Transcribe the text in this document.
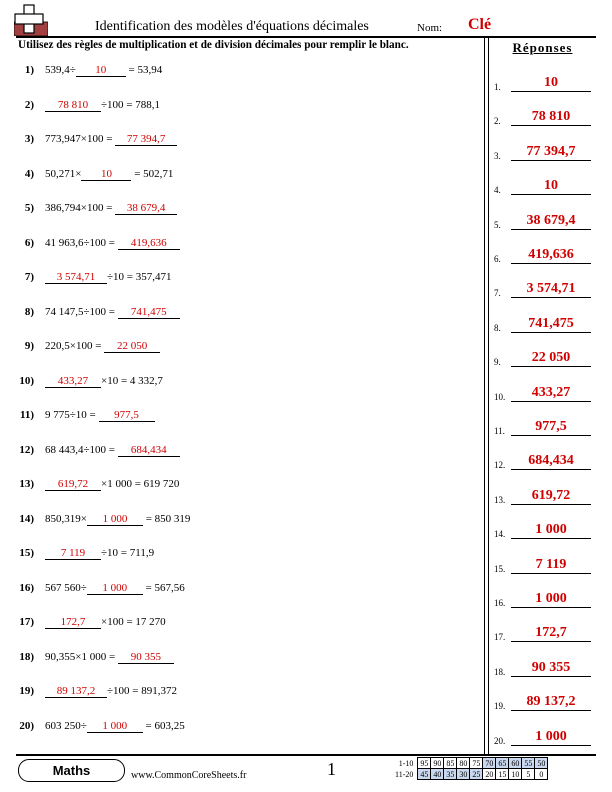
Identification des modèles d'équations décimales	Nom: Clé
Utilisez des règles de multiplication et de division décimales pour remplir le blanc.	Réponses
1) 539,4÷ 10 = 53,94
2)	78 810 ÷100 = 788,1
3) 773,947×100 = 77 394,7
4) 50,271× 10 = 502,71
5) 386,794×100 = 38 679,4
6) 41 963,6÷100 = 419,636
7)	3 574,71 ÷10 = 357,471
8) 74 147,5÷100 = 741,475
9) 220,5×100 = 22 050
10)	433,27 ×10 = 4 332,7
11) 9 775÷10 = 977,5
12) 68 443,4÷100 = 684,434
13)	619,72 ×1 000 = 619 720
14) 850,319× 1 000 = 850 319
15)	7 119 ÷10 = 711,9
16) 567 560÷ 1 000 = 567,56
17)	172,7 ×100 = 17 270
18) 90,355×1 000 = 90 355
19)	89 137,2 ÷100 = 891,372
20) 603 250÷ 1 000 = 603,25
1.	10
2.	78 810
3.	77 394,7
4.	10
5.	38 679,4
6.	419,636
7.	3 574,71
8.	741,475
9.	22 050
10.	433,27
11.	977,5
12.	684,434
13.	619,72
14.	1 000
15.	7 119
16.	1 000
17.	172,7
18.	90 355
19.	89 137,2
20.	1 000
Maths	www.CommonCoreSheets.fr	1	1-10	95	90	85	80	75	70	65	60	55	50
11-20	45	40	35	30	25	20	15	10	5	0
